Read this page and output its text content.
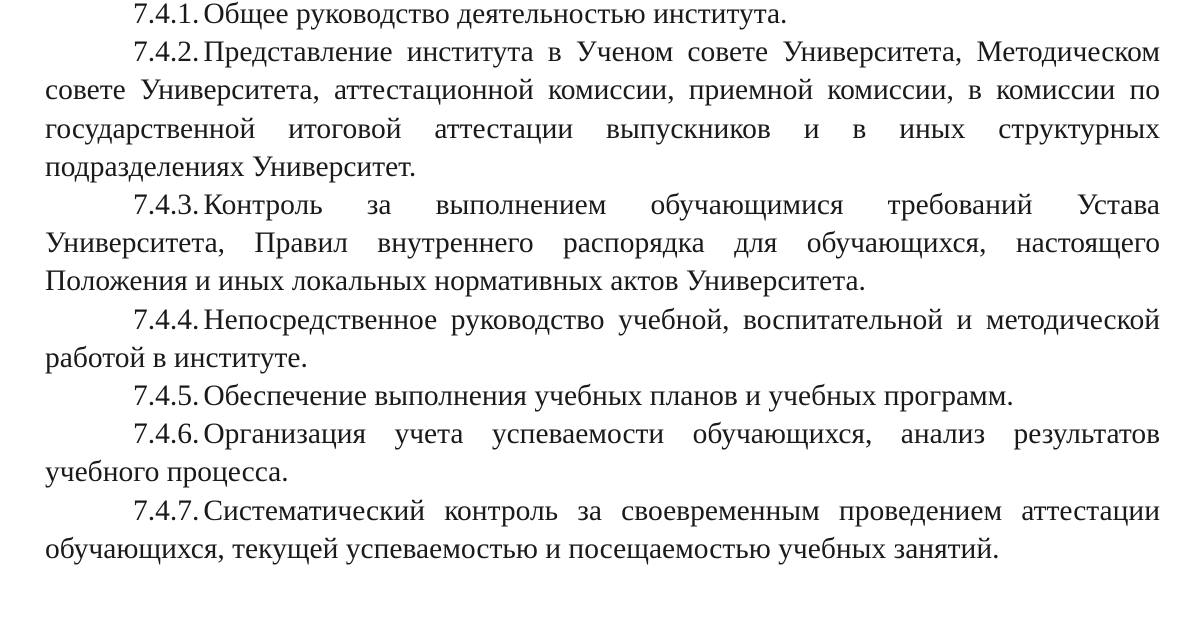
7.4.1. Общее руководство деятельностью института.

7.4.2. Представление института в Ученом совете Университета, Методическом совете Университета, аттестационной комиссии, приемной комиссии, в комиссии по государственной итоговой аттестации выпускников и в иных структурных подразделениях Университет.

7.4.3. Контроль за выполнением обучающимися требований Устава Университета, Правил внутреннего распорядка для обучающихся, настоящего Положения и иных локальных нормативных актов Университета.

7.4.4. Непосредственное руководство учебной, воспитательной и методической работой в институте.

7.4.5. Обеспечение выполнения учебных планов и учебных программ.

7.4.6. Организация учета успеваемости обучающихся, анализ результатов учебного процесса.

7.4.7. Систематический контроль за своевременным проведением аттестации обучающихся, текущей успеваемостью и посещаемостью учебных занятий.
